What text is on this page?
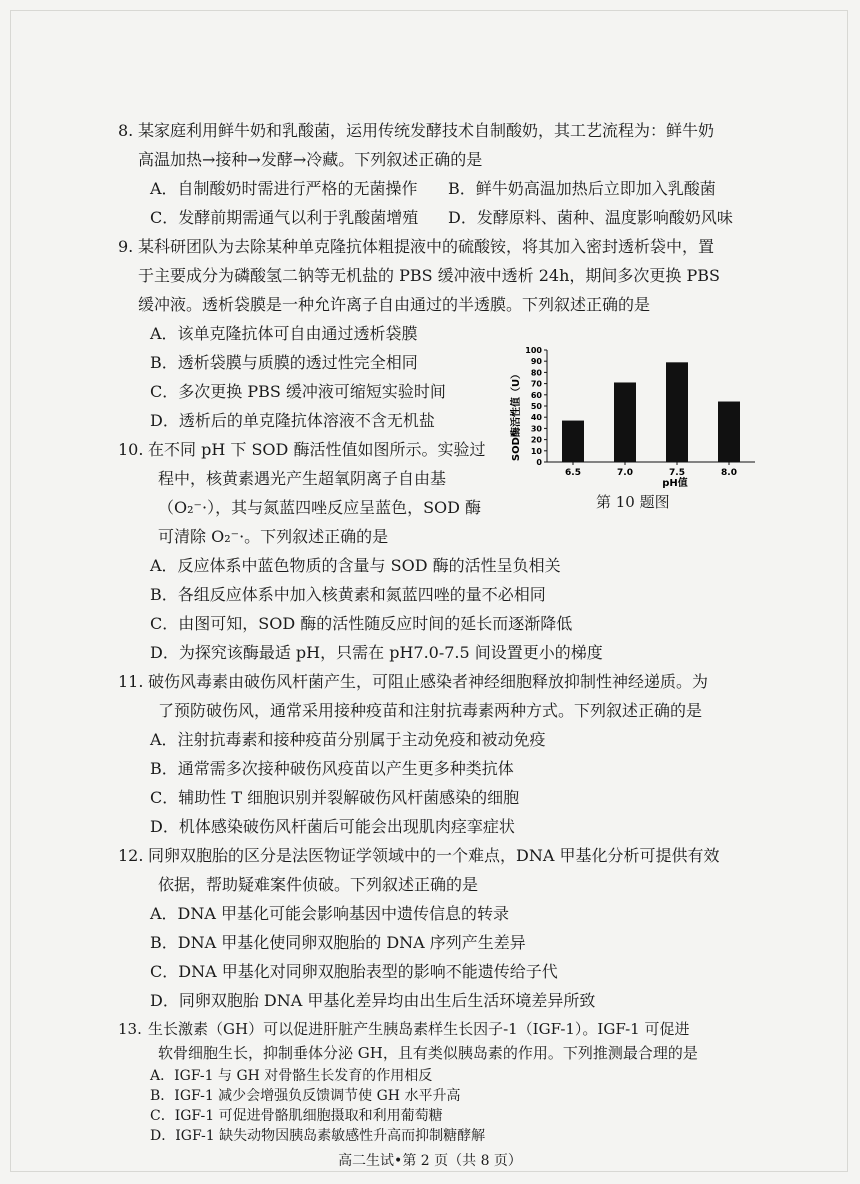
8. 某家庭利用鲜牛奶和乳酸菌，运用传统发酵技术自制酸奶，其工艺流程为：鲜牛奶
高温加热→接种→发酵→冷藏。下列叙述正确的是
A．自制酸奶时需进行严格的无菌操作 B．鲜牛奶高温加热后立即加入乳酸菌
C．发酵前期需通气以利于乳酸菌增殖 D．发酵原料、菌种、温度影响酸奶风味
9. 某科研团队为去除某种单克隆抗体粗提液中的硫酸铵，将其加入密封透析袋中，置
于主要成分为磷酸氢二钠等无机盐的 PBS 缓冲液中透析 24h，期间多次更换 PBS
缓冲液。透析袋膜是一种允许离子自由通过的半透膜。下列叙述正确的是
A．该单克隆抗体可自由通过透析袋膜
B．透析袋膜与质膜的透过性完全相同
C．多次更换 PBS 缓冲液可缩短实验时间
D．透析后的单克隆抗体溶液不含无机盐
10. 在不同 pH 下 SOD 酶活性值如图所示。实验过
程中，核黄素遇光产生超氧阴离子自由基
（O₂⁻·），其与氮蓝四唑反应呈蓝色，SOD 酶
可清除 O₂⁻·。下列叙述正确的是
SOD酶活性值（U）
0
10
20
30
40
50
60
70
80
90
100
6.5	7.0	7.5	8.0
pH值
第 10 题图
A．反应体系中蓝色物质的含量与 SOD 酶的活性呈负相关
B．各组反应体系中加入核黄素和氮蓝四唑的量不必相同
C．由图可知，SOD 酶的活性随反应时间的延长而逐渐降低
D．为探究该酶最适 pH，只需在 pH7.0-7.5 间设置更小的梯度
11. 破伤风毒素由破伤风杆菌产生，可阻止感染者神经细胞释放抑制性神经递质。为
了预防破伤风，通常采用接种疫苗和注射抗毒素两种方式。下列叙述正确的是
A．注射抗毒素和接种疫苗分别属于主动免疫和被动免疫
B．通常需多次接种破伤风疫苗以产生更多种类抗体
C．辅助性 T 细胞识别并裂解破伤风杆菌感染的细胞
D．机体感染破伤风杆菌后可能会出现肌肉痉挛症状
12. 同卵双胞胎的区分是法医物证学领域中的一个难点，DNA 甲基化分析可提供有效
依据，帮助疑难案件侦破。下列叙述正确的是
A．DNA 甲基化可能会影响基因中遗传信息的转录
B．DNA 甲基化使同卵双胞胎的 DNA 序列产生差异
C．DNA 甲基化对同卵双胞胎表型的影响不能遗传给子代
D．同卵双胞胎 DNA 甲基化差异均由出生后生活环境差异所致
13. 生长激素（GH）可以促进肝脏产生胰岛素样生长因子-1（IGF-1）。IGF-1 可促进
软骨细胞生长，抑制垂体分泌 GH，且有类似胰岛素的作用。下列推测最合理的是
高二生试•第 2 页（共 8 页）
A．IGF-1 与 GH 对骨骼生长发育的作用相反
B．IGF-1 减少会增强负反馈调节使 GH 水平升高
C．IGF-1 可促进骨骼肌细胞摄取和利用葡萄糖
D．IGF-1 缺失动物因胰岛素敏感性升高而抑制糖酵解
